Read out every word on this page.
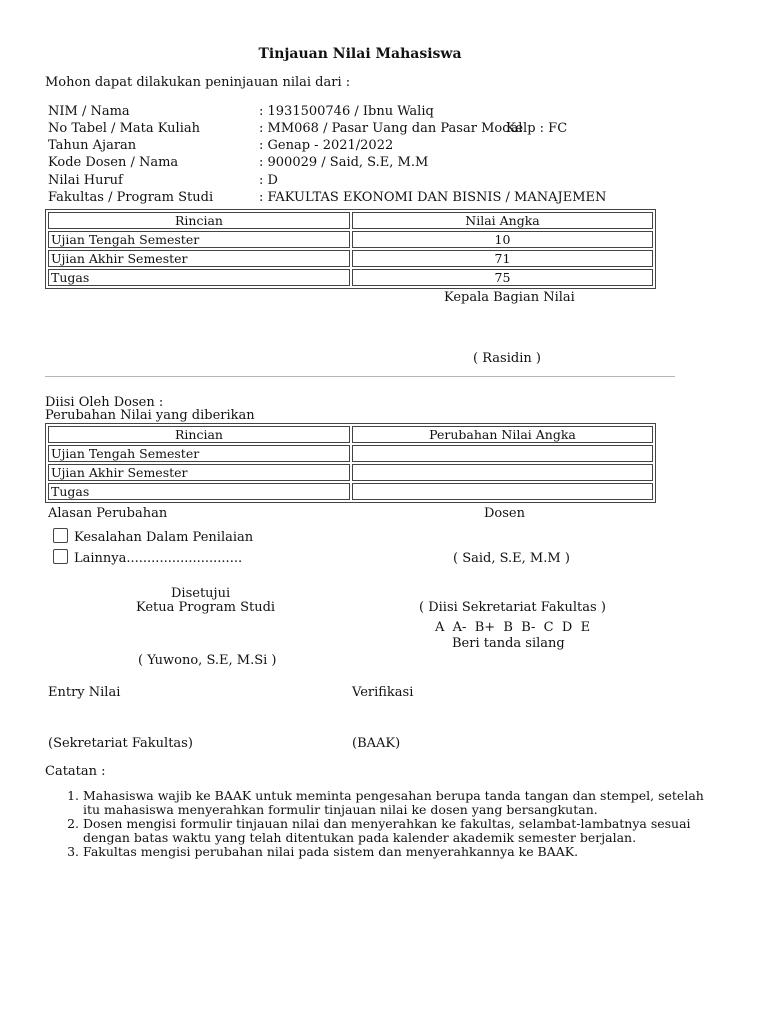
Tinjauan Nilai Mahasiswa
Mohon dapat dilakukan peninjauan nilai dari :
NIM / Nama	: 1931500746 / Ibnu Waliq
No Tabel / Mata Kuliah	: MM068 / Pasar Uang dan Pasar Modal
Kelp : FC
Tahun Ajaran	: Genap - 2021/2022
Kode Dosen / Nama	: 900029 / Said, S.E, M.M
Nilai Huruf	: D
Fakultas / Program Studi	: FAKULTAS EKONOMI DAN BISNIS / MANAJEMEN
Rincian	Nilai Angka
Ujian Tengah Semester	10
Ujian Akhir Semester	71
Tugas	75
Kepala Bagian Nilai
( Rasidin )
Diisi Oleh Dosen :
Perubahan Nilai yang diberikan
Rincian	Perubahan Nilai Angka
Ujian Tengah Semester	
Ujian Akhir Semester	
Tugas	
Alasan Perubahan	Dosen
Kesalahan Dalam Penilaian
Lainnya............................	( Said, S.E, M.M )
Disetujui
Ketua Program Studi
( Yuwono, S.E, M.Si )
( Diisi Sekretariat Fakultas )
A  A-  B+  B  B-  C  D  E
Beri tanda silang
Entry Nilai	Verifikasi
(Sekretariat Fakultas)	(BAAK)
Catatan :
1. Mahasiswa wajib ke BAAK untuk meminta pengesahan berupa tanda tangan dan stempel, setelah itu mahasiswa menyerahkan formulir tinjauan nilai ke dosen yang bersangkutan.
2. Dosen mengisi formulir tinjauan nilai dan menyerahkan ke fakultas, selambat-lambatnya sesuai dengan batas waktu yang telah ditentukan pada kalender akademik semester berjalan.
3. Fakultas mengisi perubahan nilai pada sistem dan menyerahkannya ke BAAK.
